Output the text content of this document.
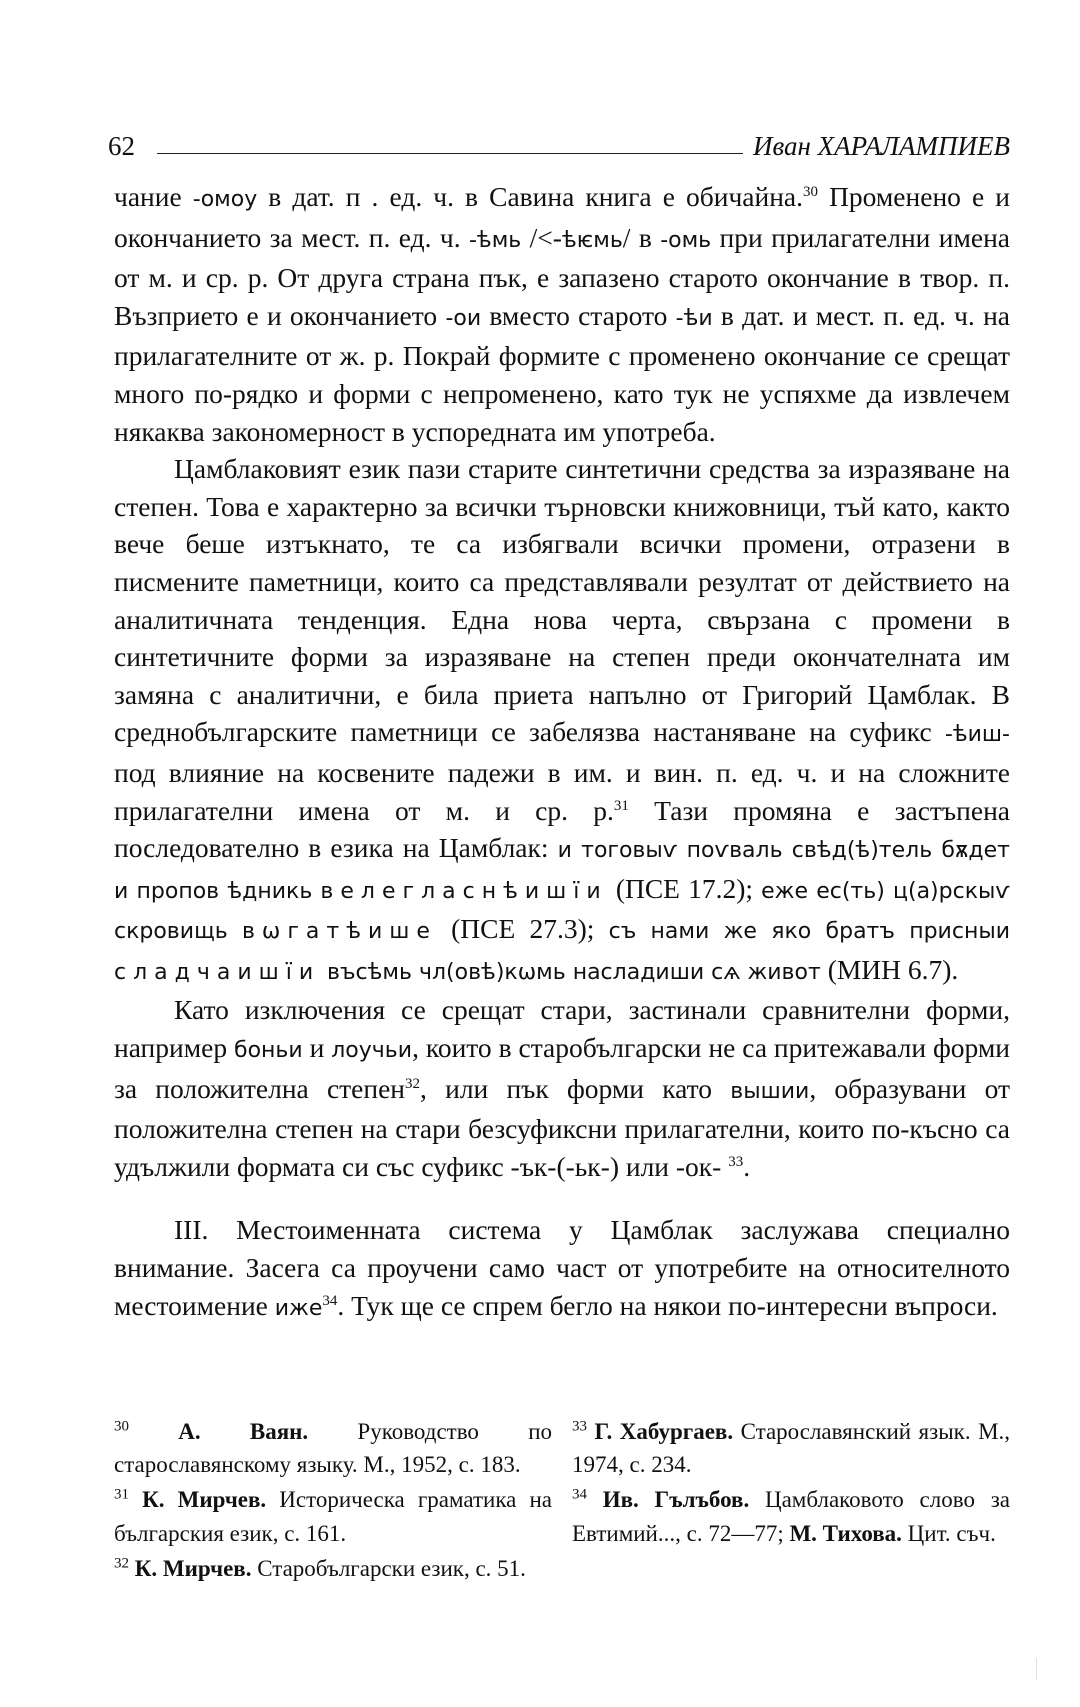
62	Иван ХАРАЛАМПИЕВ

чание -омоу в дат. п . ед. ч. в Савина книга е обичайна.$^{30}$ Променено е и окончанието за мест. п. ед. ч. -ѣмь /<-ѣѥмь/ в -омь при прилагателни имена от м. и ср. р. От друга страна пък, е запазено старото окончание в твор. п. Възприето е и окончанието -ои вместо старото -ѣи в дат. и мест. п. ед. ч. на прилагателните от ж. р. Покрай формите с променено окончание се срещат много по-рядко и форми с непроменено, като тук не успяхме да извлечем някаква закономерност в успоредната им употреба.

Цамблаковият език пази старите синтетични средства за изразяване на степен. Това е характерно за всички търновски книжовници, тъй като, както вече беше изтъкнато, те са избягвали всички промени, отразени в писмените паметници, които са представлявали резултат от действието на аналитичната тенденция. Една нова черта, свързана с промени в синтетичните форми за изразяване на степен преди окончателната им замяна с аналитични, е била приета напълно от Григорий Цамблак. В среднобългарските паметници се забелязва настаняване на суфикс -ѣиш- под влияние на косвените падежи в им. и вин. п. ед. ч. и на сложните прилагателни имена от м. и ср. р.$^{31}$ Тази промяна е застъпена последователно в езика на Цамблак: и тоговыѵ поѵваль свѣд(ѣ)тель бѫдет и пропов ѣдникь велегласнѣишїи (ПСЕ 17.2); еже ес(ть) ц(а)рскыѵ скровищь вωгатѣише (ПСЕ 27.3); съ нами же яко братъ присныи сладчаишїи въсѣмь чл(овѣ)кωмь насладиши сѧ живот (МИН 6.7).

Като изключения се срещат стари, застинали сравнителни форми, например боньи и лоучьи, които в старобългарски не са притежавали форми за положителна степен$^{32}$, или пък форми като вышии, образувани от положителна степен на стари безсуфиксни прилагателни, които по-късно са удължили формата си със суфикс -ък-(-ьк-) или -ок- $^{33}$.

III. Местоименната система у Цамблак заслужава специално внимание. Засега са проучени само част от употребите на относителното местоимение иже$^{34}$. Тук ще се спрем бегло на някои по-интересни въпроси.

$^{30}$ А. Ваян. Руководство по старославянскому языку. М., 1952, с. 183.

$^{31}$ К. Мирчев. Историческа граматика на българския език, с. 161.

$^{32}$ К. Мирчев. Старобългарски език, с. 51.

$^{33}$ Г. Хабургаев. Старославянский язык. М., 1974, с. 234.

$^{34}$ Ив. Гълъбов. Цамблаковото слово за Евтимий..., с. 72—77; М. Тихова. Цит. съч.
